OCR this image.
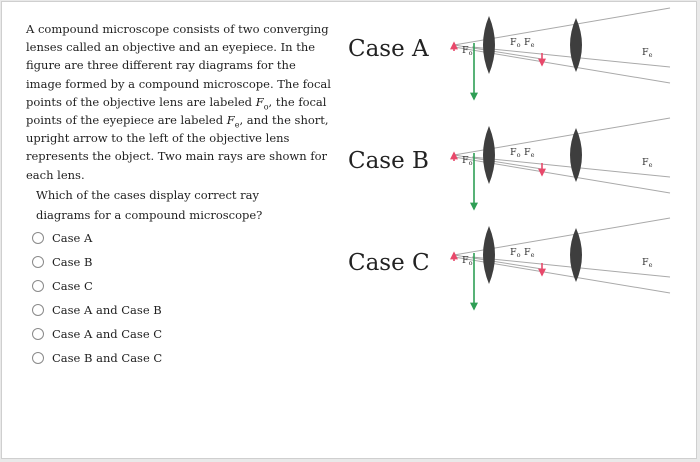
A compound microscope consists of two converging lenses called an objective and an eyepiece. In the figure are three different ray diagrams for the image formed by a compound microscope. The focal points of the objective lens are labeled $F_o$, the focal points of the eyepiece are labeled $F_e$, and the short, upright arrow to the left of the objective lens represents the object. Two main rays are shown for each lens.

Which of the cases display correct ray diagrams for a compound microscope?

Case A
Case B
Case C
Case A and Case B
Case A and Case C
Case B and Case C
Case A
Case B
Case C
$F_o$
$F_o$ $F_e$
$F_e$
$F_o$
$F_o$ $F_e$
$F_e$
$F_o$
$F_o$ $F_e$
$F_e$
